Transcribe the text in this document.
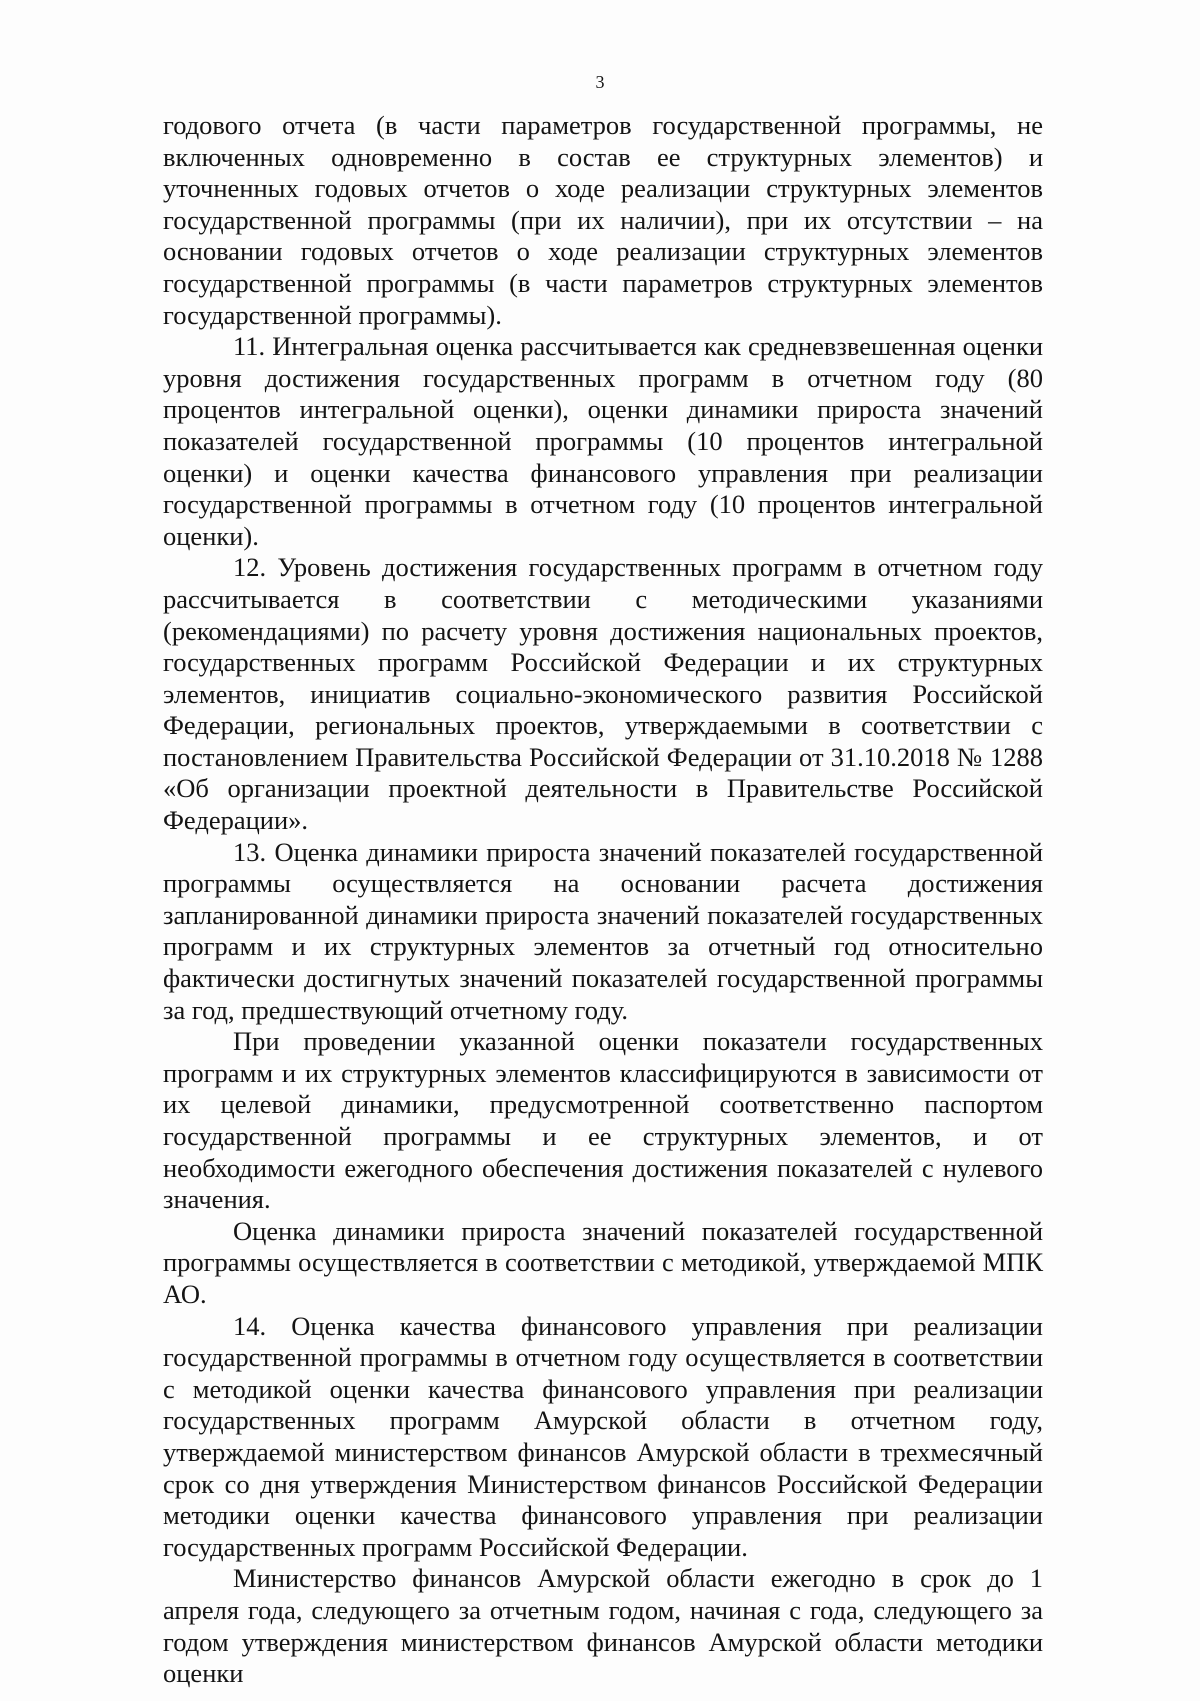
3

годового отчета (в части параметров государственной программы, не включенных одновременно в состав ее структурных элементов) и уточненных годовых отчетов о ходе реализации структурных элементов государственной программы (при их наличии), при их отсутствии – на основании годовых отчетов о ходе реализации структурных элементов государственной программы (в части параметров структурных элементов государственной программы).

11. Интегральная оценка рассчитывается как средневзвешенная оценки уровня достижения государственных программ в отчетном году (80 процентов интегральной оценки), оценки динамики прироста значений показателей государственной программы (10 процентов интегральной оценки) и оценки качества финансового управления при реализации государственной программы в отчетном году (10 процентов интегральной оценки).

12. Уровень достижения государственных программ в отчетном году рассчитывается в соответствии с методическими указаниями (рекомендациями) по расчету уровня достижения национальных проектов, государственных программ Российской Федерации и их структурных элементов, инициатив социально-экономического развития Российской Федерации, региональных проектов, утверждаемыми в соответствии с постановлением Правительства Российской Федерации от 31.10.2018 № 1288 «Об организации проектной деятельности в Правительстве Российской Федерации».

13. Оценка динамики прироста значений показателей государственной программы осуществляется на основании расчета достижения запланированной динамики прироста значений показателей государственных программ и их структурных элементов за отчетный год относительно фактически достигнутых значений показателей государственной программы за год, предшествующий отчетному году.

При проведении указанной оценки показатели государственных программ и их структурных элементов классифицируются в зависимости от их целевой динамики, предусмотренной соответственно паспортом государственной программы и ее структурных элементов, и от необходимости ежегодного обеспечения достижения показателей с нулевого значения.

Оценка динамики прироста значений показателей государственной программы осуществляется в соответствии с методикой, утверждаемой МПК АО.

14. Оценка качества финансового управления при реализации государственной программы в отчетном году осуществляется в соответствии с методикой оценки качества финансового управления при реализации государственных программ Амурской области в отчетном году, утверждаемой министерством финансов Амурской области в трехмесячный срок со дня утверждения Министерством финансов Российской Федерации методики оценки качества финансового управления при реализации государственных программ Российской Федерации.

Министерство финансов Амурской области ежегодно в срок до 1 апреля года, следующего за отчетным годом, начиная с года, следующего за годом утверждения министерством финансов Амурской области методики оценки
